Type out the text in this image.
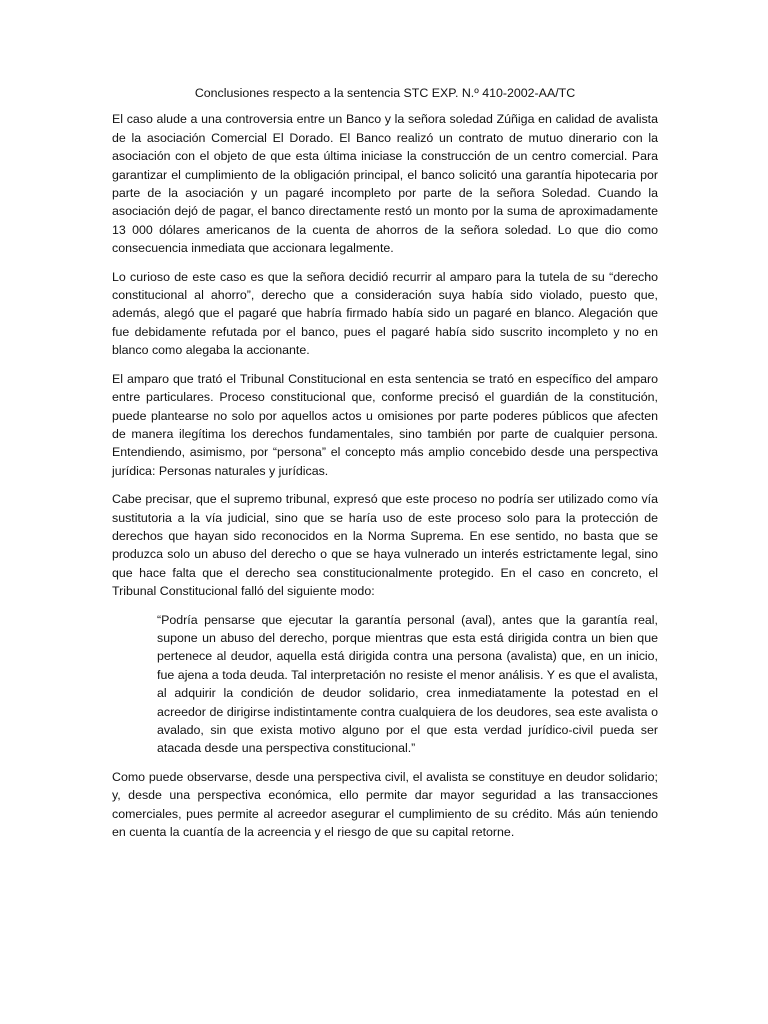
Conclusiones respecto a la sentencia STC EXP. N.º 410-2002-AA/TC

El caso alude a una controversia entre un Banco y la señora soledad Zúñiga en calidad de avalista de la asociación Comercial El Dorado. El Banco realizó un contrato de mutuo dinerario con la asociación con el objeto de que esta última iniciase la construcción de un centro comercial. Para garantizar el cumplimiento de la obligación principal, el banco solicitó una garantía hipotecaria por parte de la asociación y un pagaré incompleto por parte de la señora Soledad. Cuando la asociación dejó de pagar, el banco directamente restó un monto por la suma de aproximadamente 13 000 dólares americanos de la cuenta de ahorros de la señora soledad. Lo que dio como consecuencia inmediata que accionara legalmente.

Lo curioso de este caso es que la señora decidió recurrir al amparo para la tutela de su “derecho constitucional al ahorro”, derecho que a consideración suya había sido violado, puesto que, además, alegó que el pagaré que habría firmado había sido un pagaré en blanco. Alegación que fue debidamente refutada por el banco, pues el pagaré había sido suscrito incompleto y no en blanco como alegaba la accionante.

El amparo que trató el Tribunal Constitucional en esta sentencia se trató en específico del amparo entre particulares. Proceso constitucional que, conforme precisó el guardián de la constitución, puede plantearse no solo por aquellos actos u omisiones por parte poderes públicos que afecten de manera ilegítima los derechos fundamentales, sino también por parte de cualquier persona. Entendiendo, asimismo, por “persona” el concepto más amplio concebido desde una perspectiva jurídica: Personas naturales y jurídicas.

Cabe precisar, que el supremo tribunal, expresó que este proceso no podría ser utilizado como vía sustitutoria a la vía judicial, sino que se haría uso de este proceso solo para la protección de derechos que hayan sido reconocidos en la Norma Suprema. En ese sentido, no basta que se produzca solo un abuso del derecho o que se haya vulnerado un interés estrictamente legal, sino que hace falta que el derecho sea constitucionalmente protegido. En el caso en concreto, el Tribunal Constitucional falló del siguiente modo:

“Podría pensarse que ejecutar la garantía personal (aval), antes que la garantía real, supone un abuso del derecho, porque mientras que esta está dirigida contra un bien que pertenece al deudor, aquella está dirigida contra una persona (avalista) que, en un inicio, fue ajena a toda deuda. Tal interpretación no resiste el menor análisis. Y es que el avalista, al adquirir la condición de deudor solidario, crea inmediatamente la potestad en el acreedor de dirigirse indistintamente contra cualquiera de los deudores, sea este avalista o avalado, sin que exista motivo alguno por el que esta verdad jurídico-civil pueda ser atacada desde una perspectiva constitucional.”

Como puede observarse, desde una perspectiva civil, el avalista se constituye en deudor solidario; y, desde una perspectiva económica, ello permite dar mayor seguridad a las transacciones comerciales, pues permite al acreedor asegurar el cumplimiento de su crédito. Más aún teniendo en cuenta la cuantía de la acreencia y el riesgo de que su capital retorne.
